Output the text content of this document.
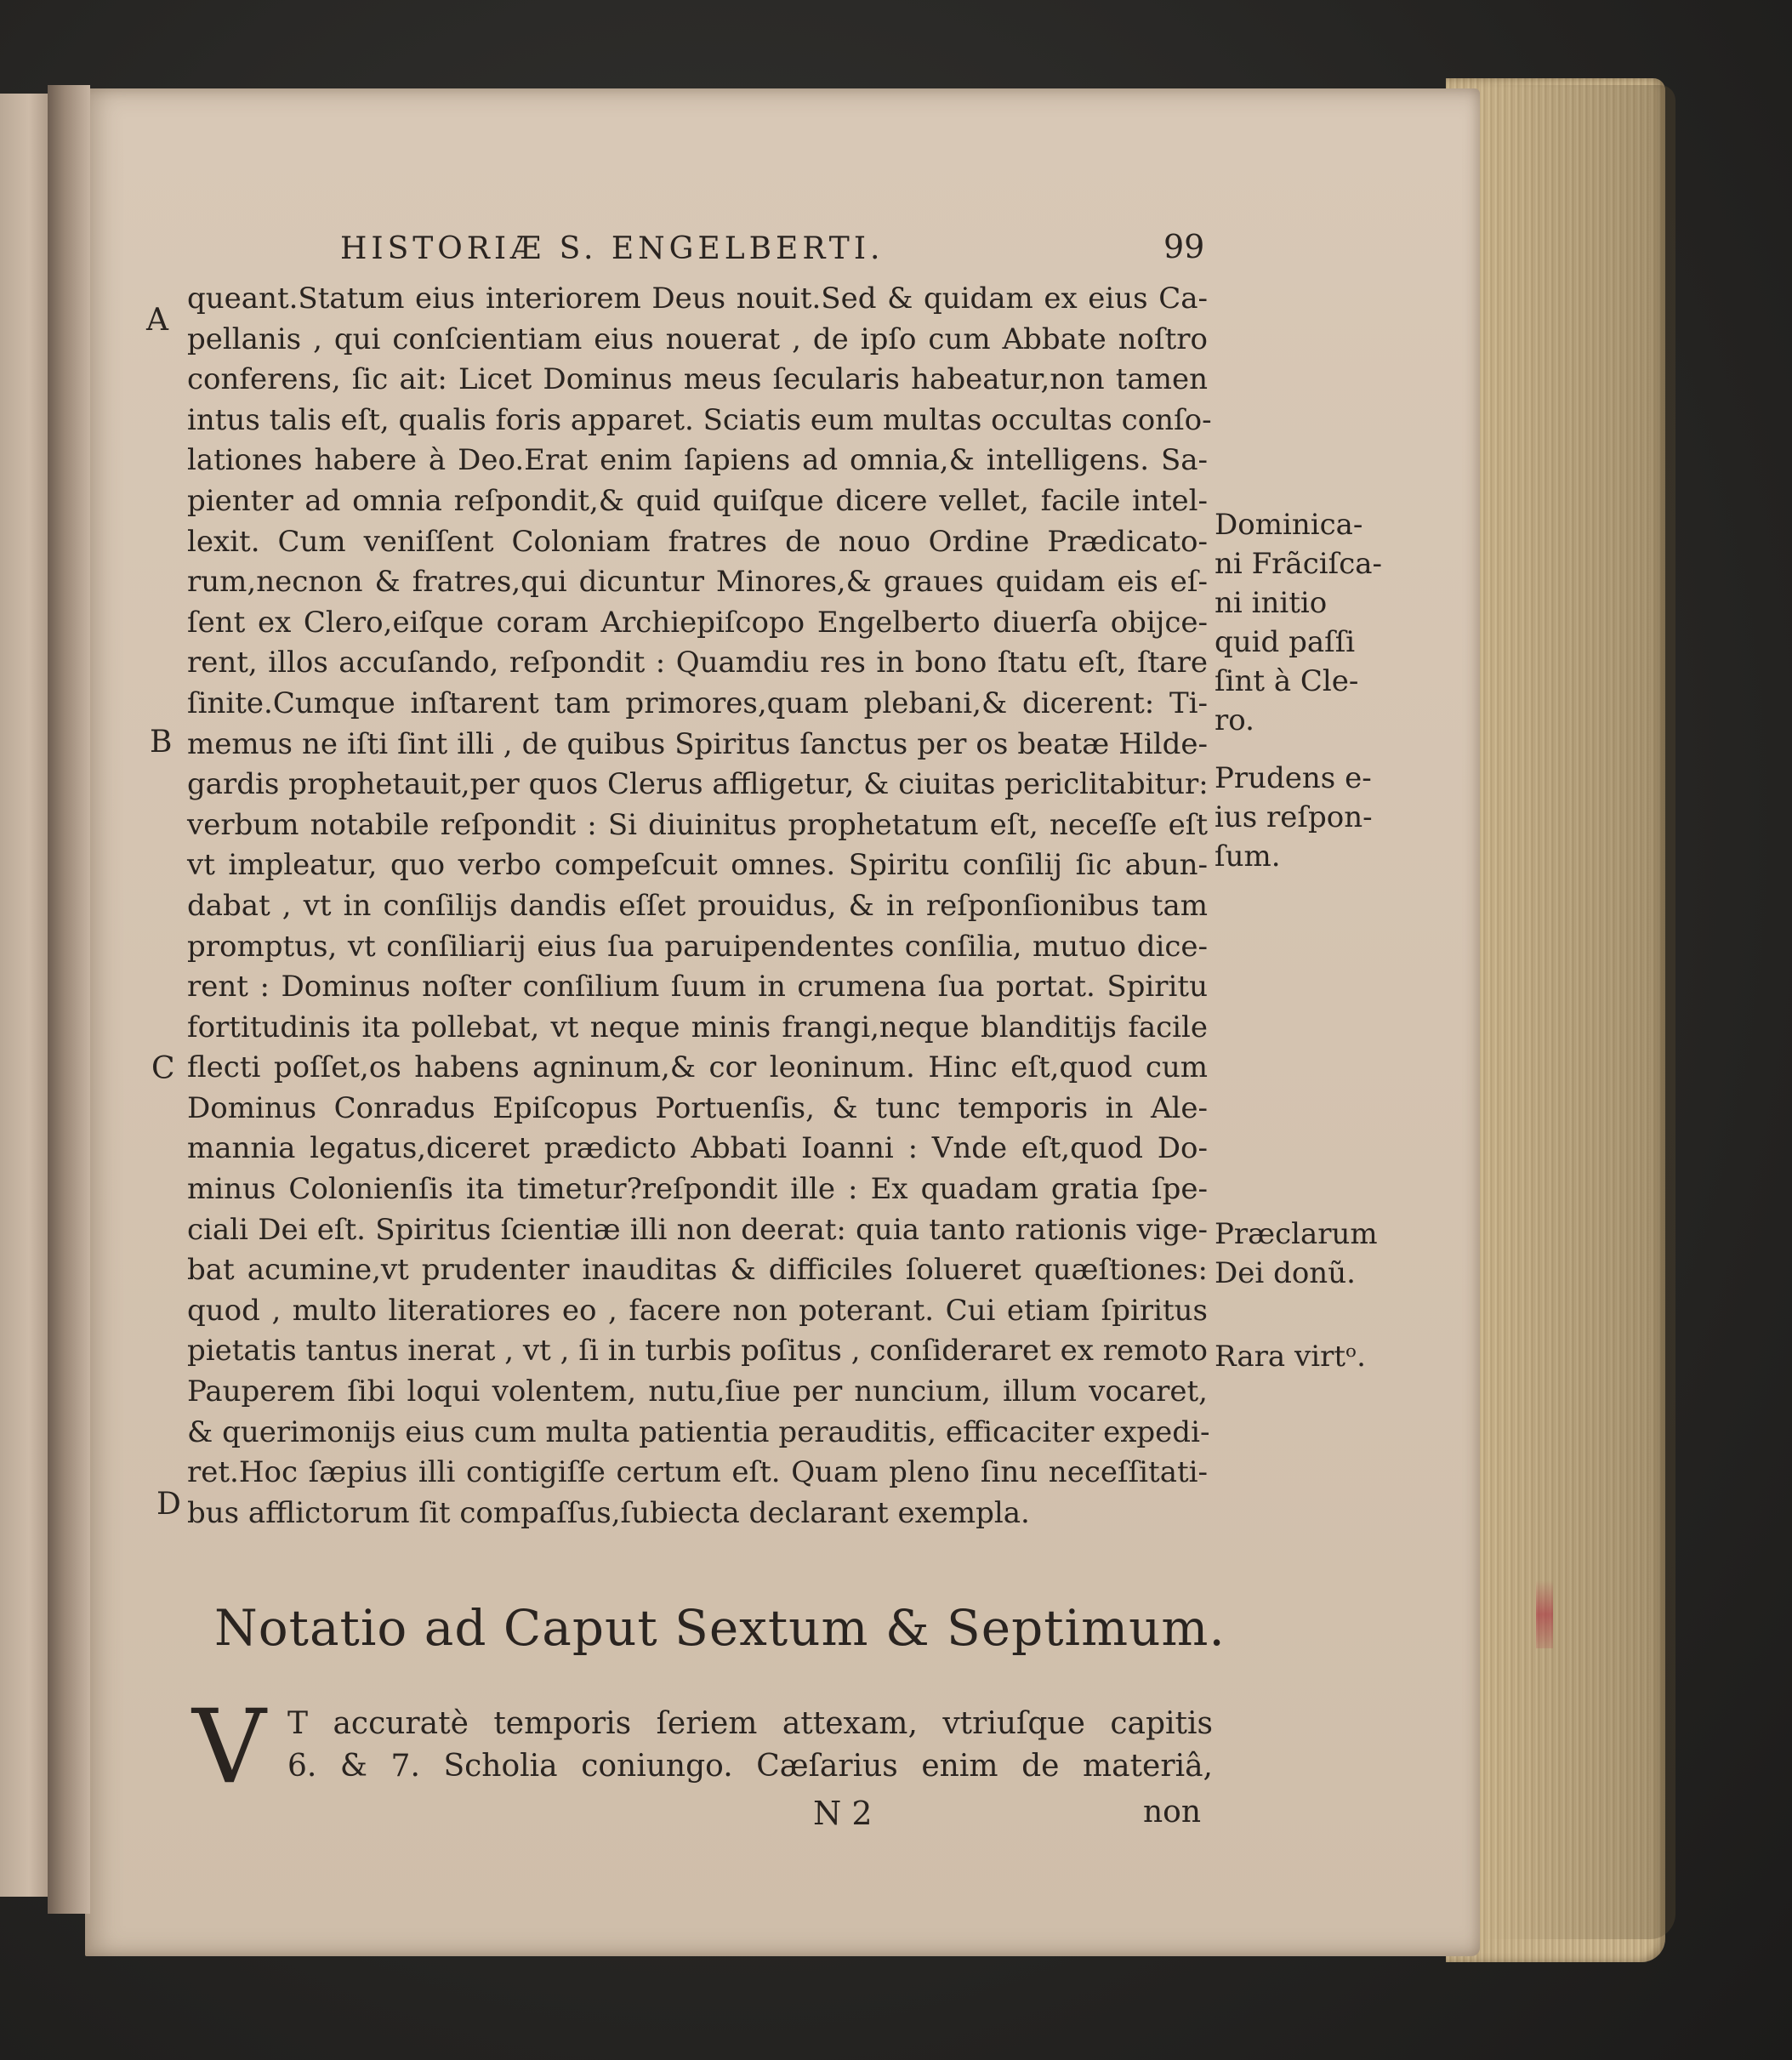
HISTORIÆ S. ENGELBERTI.	99
A
B
C
D
queant.Statum eius interiorem Deus nouit.Sed & quidam ex eius Ca-
pellanis , qui conſcientiam eius nouerat , de ipſo cum Abbate noſtro
conferens, ſic ait: Licet Dominus meus ſecularis habeatur,non tamen
intus talis eſt, qualis foris apparet. Sciatis eum multas occultas conſo-
lationes habere à Deo.Erat enim ſapiens ad omnia,& intelligens. Sa-
pienter ad omnia reſpondit,& quid quiſque dicere vellet, facile intel-
lexit. Cum veniſſent Coloniam fratres de nouo Ordine Prædicato-
rum,necnon & fratres,qui dicuntur Minores,& graues quidam eis eſ-
ſent ex Clero,eiſque coram Archiepiſcopo Engelberto diuerſa obijce-
rent, illos accuſando, reſpondit : Quamdiu res in bono ſtatu eſt, ſtare
ſinite.Cumque inſtarent tam primores,quam plebani,& dicerent: Ti-
memus ne iſti ſint illi , de quibus Spiritus ſanctus per os beatæ Hilde-
gardis prophetauit,per quos Clerus affligetur, & ciuitas periclitabitur:
verbum notabile reſpondit : Si diuinitus prophetatum eſt, neceſſe eſt
vt impleatur, quo verbo compeſcuit omnes. Spiritu conſilij ſic abun-
dabat , vt in conſilijs dandis eſſet prouidus, & in reſponſionibus tam
promptus, vt conſiliarij eius ſua paruipendentes conſilia, mutuo dice-
rent : Dominus noſter conſilium ſuum in crumena ſua portat. Spiritu
fortitudinis ita pollebat, vt neque minis frangi,neque blanditijs facile
flecti poſſet,os habens agninum,& cor leoninum. Hinc eſt,quod cum
Dominus Conradus Epiſcopus Portuenſis, & tunc temporis in Ale-
mannia legatus,diceret prædicto Abbati Ioanni : Vnde eſt,quod Do-
minus Colonienſis ita timetur?reſpondit ille : Ex quadam gratia ſpe-
ciali Dei eſt. Spiritus ſcientiæ illi non deerat: quia tanto rationis vige-
bat acumine,vt prudenter inauditas & difficiles ſolueret quæſtiones:
quod , multo literatiores eo , facere non poterant. Cui etiam ſpiritus
pietatis tantus inerat , vt , ſi in turbis poſitus , conſideraret ex remoto
Pauperem ſibi loqui volentem, nutu,ſiue per nuncium, illum vocaret,
& querimonijs eius cum multa patientia perauditis, efficaciter expedi-
ret.Hoc ſæpius illi contigiſſe certum eſt. Quam pleno ſinu neceſſitati-
bus afflictorum ſit compaſſus,ſubiecta declarant exempla.
Dominica-
ni Frãciſca-
ni initio
quid paſſi
ſint à Cle-
ro.
Prudens e-
ius reſpon-
ſum.
Præclarum
Dei donũ.
Rara virtᵒ.
Notatio ad Caput Sextum & Septimum.
V T accuratè temporis ſeriem attexam, vtriuſque capitis
6. & 7. Scholia coniungo. Cæſarius enim de materiâ,
N 2	non
